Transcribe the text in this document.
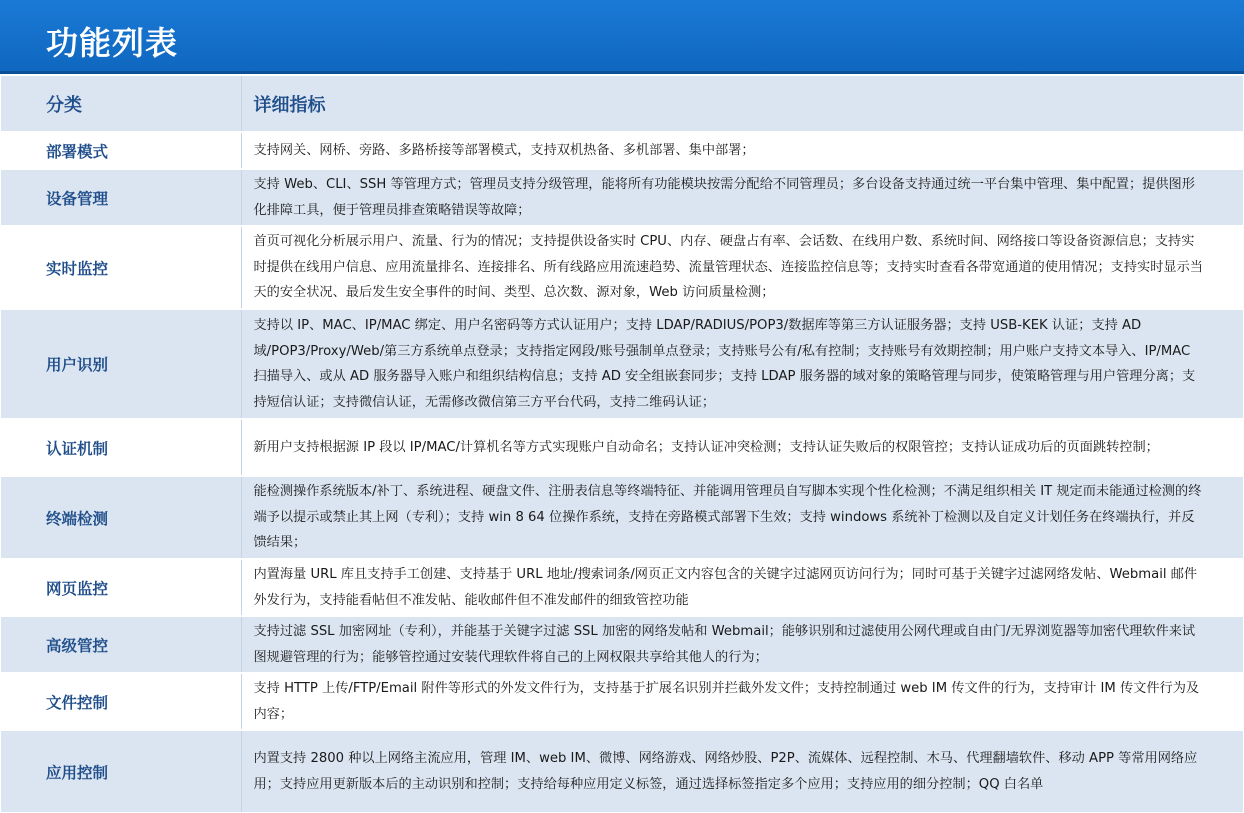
功能列表
分类	详细指标
部署模式	支持网关、网桥、旁路、多路桥接等部署模式，支持双机热备、多机部署、集中部署；
设备管理	支持 Web、CLI、SSH 等管理方式；管理员支持分级管理，能将所有功能模块按需分配给不同管理员；多台设备支持通过统一平台集中管理、集中配置；提供图形化排障工具，便于管理员排查策略错误等故障；
实时监控	首页可视化分析展示用户、流量、行为的情况；支持提供设备实时 CPU、内存、硬盘占有率、会话数、在线用户数、系统时间、网络接口等设备资源信息；支持实时提供在线用户信息、应用流量排名、连接排名、所有线路应用流速趋势、流量管理状态、连接监控信息等；支持实时查看各带宽通道的使用情况；支持实时显示当天的安全状况、最后发生安全事件的时间、类型、总次数、源对象，Web 访问质量检测；
用户识别	支持以 IP、MAC、IP/MAC 绑定、用户名密码等方式认证用户；支持 LDAP/RADIUS/POP3/数据库等第三方认证服务器；支持 USB-KEK 认证；支持 AD 域/POP3/Proxy/Web/第三方系统单点登录；支持指定网段/账号强制单点登录；支持账号公有/私有控制；支持账号有效期控制；用户账户支持文本导入、IP/MAC 扫描导入、或从 AD 服务器导入账户和组织结构信息；支持 AD 安全组嵌套同步；支持 LDAP 服务器的域对象的策略管理与同步，使策略管理与用户管理分离；支持短信认证；支持微信认证，无需修改微信第三方平台代码，支持二维码认证；
认证机制	新用户支持根据源 IP 段以 IP/MAC/计算机名等方式实现账户自动命名；支持认证冲突检测；支持认证失败后的权限管控；支持认证成功后的页面跳转控制；
终端检测	能检测操作系统版本/补丁、系统进程、硬盘文件、注册表信息等终端特征、并能调用管理员自写脚本实现个性化检测；不满足组织相关 IT 规定而未能通过检测的终端予以提示或禁止其上网（专利）；支持 win 8 64 位操作系统，支持在旁路模式部署下生效；支持 windows 系统补丁检测以及自定义计划任务在终端执行，并反馈结果；
网页监控	内置海量 URL 库且支持手工创建、支持基于 URL 地址/搜索词条/网页正文内容包含的关键字过滤网页访问行为；同时可基于关键字过滤网络发帖、Webmail 邮件外发行为，支持能看帖但不准发帖、能收邮件但不准发邮件的细致管控功能
高级管控	支持过滤 SSL 加密网址（专利），并能基于关键字过滤 SSL 加密的网络发帖和 Webmail；能够识别和过滤使用公网代理或自由门/无界浏览器等加密代理软件来试图规避管理的行为；能够管控通过安装代理软件将自己的上网权限共享给其他人的行为；
文件控制	支持 HTTP 上传/FTP/Email 附件等形式的外发文件行为，支持基于扩展名识别并拦截外发文件；支持控制通过 web IM 传文件的行为，支持审计 IM 传文件行为及内容；
应用控制	内置支持 2800 种以上网络主流应用，管理 IM、web IM、微博、网络游戏、网络炒股、P2P、流媒体、远程控制、木马、代理翻墙软件、移动 APP 等常用网络应用；支持应用更新版本后的主动识别和控制；支持给每种应用定义标签，通过选择标签指定多个应用；支持应用的细分控制；QQ 白名单
